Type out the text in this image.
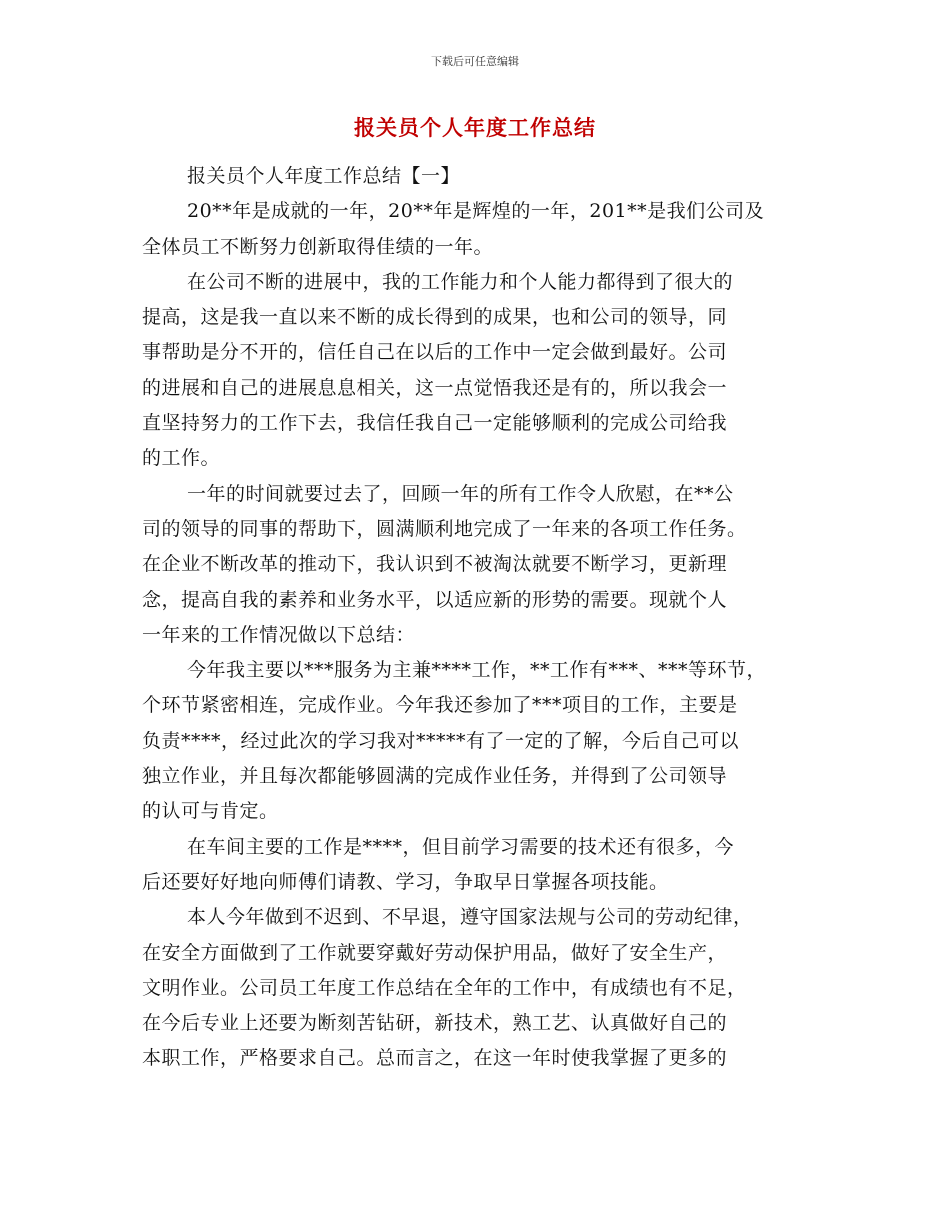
下载后可任意编辑
报关员个人年度工作总结
报关员个人年度工作总结【一】
20**年是成就的一年，20**年是辉煌的一年，201**是我们公司及
全体员工不断努力创新取得佳绩的一年。
在公司不断的进展中，我的工作能力和个人能力都得到了很大的
提高，这是我一直以来不断的成长得到的成果，也和公司的领导，同
事帮助是分不开的，信任自己在以后的工作中一定会做到最好。公司
的进展和自己的进展息息相关，这一点觉悟我还是有的，所以我会一
直坚持努力的工作下去，我信任我自己一定能够顺利的完成公司给我
的工作。
一年的时间就要过去了，回顾一年的所有工作令人欣慰，在**公
司的领导的同事的帮助下，圆满顺利地完成了一年来的各项工作任务。
在企业不断改革的推动下，我认识到不被淘汰就要不断学习，更新理
念，提高自我的素养和业务水平，以适应新的形势的需要。现就个人
一年来的工作情况做以下总结：
今年我主要以***服务为主兼****工作，**工作有***、***等环节，
个环节紧密相连，完成作业。今年我还参加了***项目的工作，主要是
负责****，经过此次的学习我对*****有了一定的了解，今后自己可以
独立作业，并且每次都能够圆满的完成作业任务，并得到了公司领导
的认可与肯定。
在车间主要的工作是****，但目前学习需要的技术还有很多，今
后还要好好地向师傅们请教、学习，争取早日掌握各项技能。
本人今年做到不迟到、不早退，遵守国家法规与公司的劳动纪律，
在安全方面做到了工作就要穿戴好劳动保护用品，做好了安全生产，
文明作业。公司员工年度工作总结在全年的工作中，有成绩也有不足，
在今后专业上还要为断刻苦钻研，新技术，熟工艺、认真做好自己的
本职工作，严格要求自己。总而言之，在这一年时使我掌握了更多的
